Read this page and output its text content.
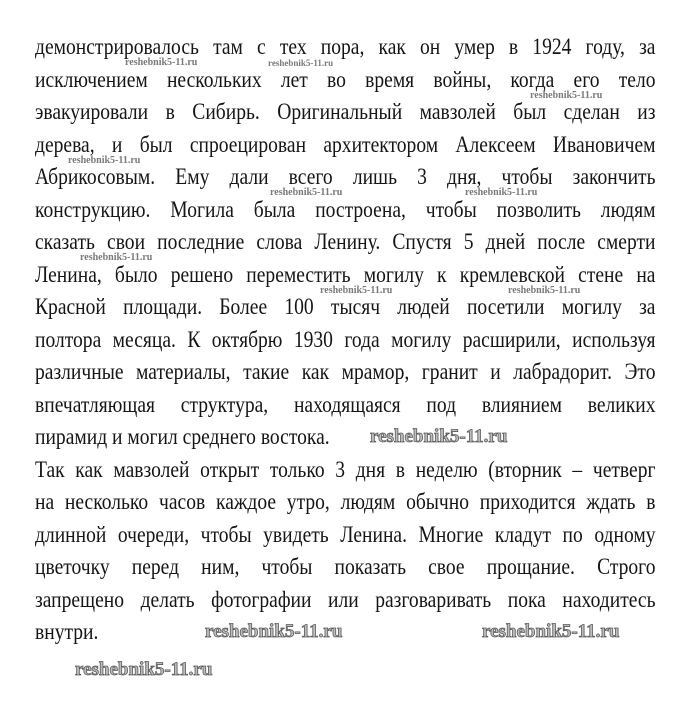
демонстрировалось там с тех пора, как он умер в 1924 году, за
исключением нескольких лет во время войны, когда его тело
эвакуировали в Сибирь. Оригинальный мавзолей был сделан из
дерева, и был спроецирован архитектором Алексеем Ивановичем
Абрикосовым. Ему дали всего лишь 3 дня, чтобы закончить
конструкцию. Могила была построена, чтобы позволить людям
сказать свои последние слова Ленину. Спустя 5 дней после смерти
Ленина, было решено переместить могилу к кремлевской стене на
Красной площади. Более 100 тысяч людей посетили могилу за
полтора месяца. К октябрю 1930 года могилу расширили, используя
различные материалы, такие как мрамор, гранит и лабрадорит. Это
впечатляющая структура, находящаяся под влиянием великих
пирамид и могил среднего востока.
Так как мавзолей открыт только 3 дня в неделю (вторник – четверг
на несколько часов каждое утро, людям обычно приходится ждать в
длинной очереди, чтобы увидеть Ленина. Многие кладут по одному
цветочку перед ним, чтобы показать свое прощание. Строго
запрещено делать фотографии или разговаривать пока находитесь
внутри.
reshebnik5-11.ru	reshebnik5-11.ru
reshebnik5-11.ru
reshebnik5-11.ru
reshebnik5-11.ru	reshebnik5-11.ru
reshebnik5-11.ru
reshebnik5-11.ru	reshebnik5-11.ru
reshebnik5-11.ru
reshebnik5-11.ru
reshebnik5-11.ru	reshebnik5-11.ru
